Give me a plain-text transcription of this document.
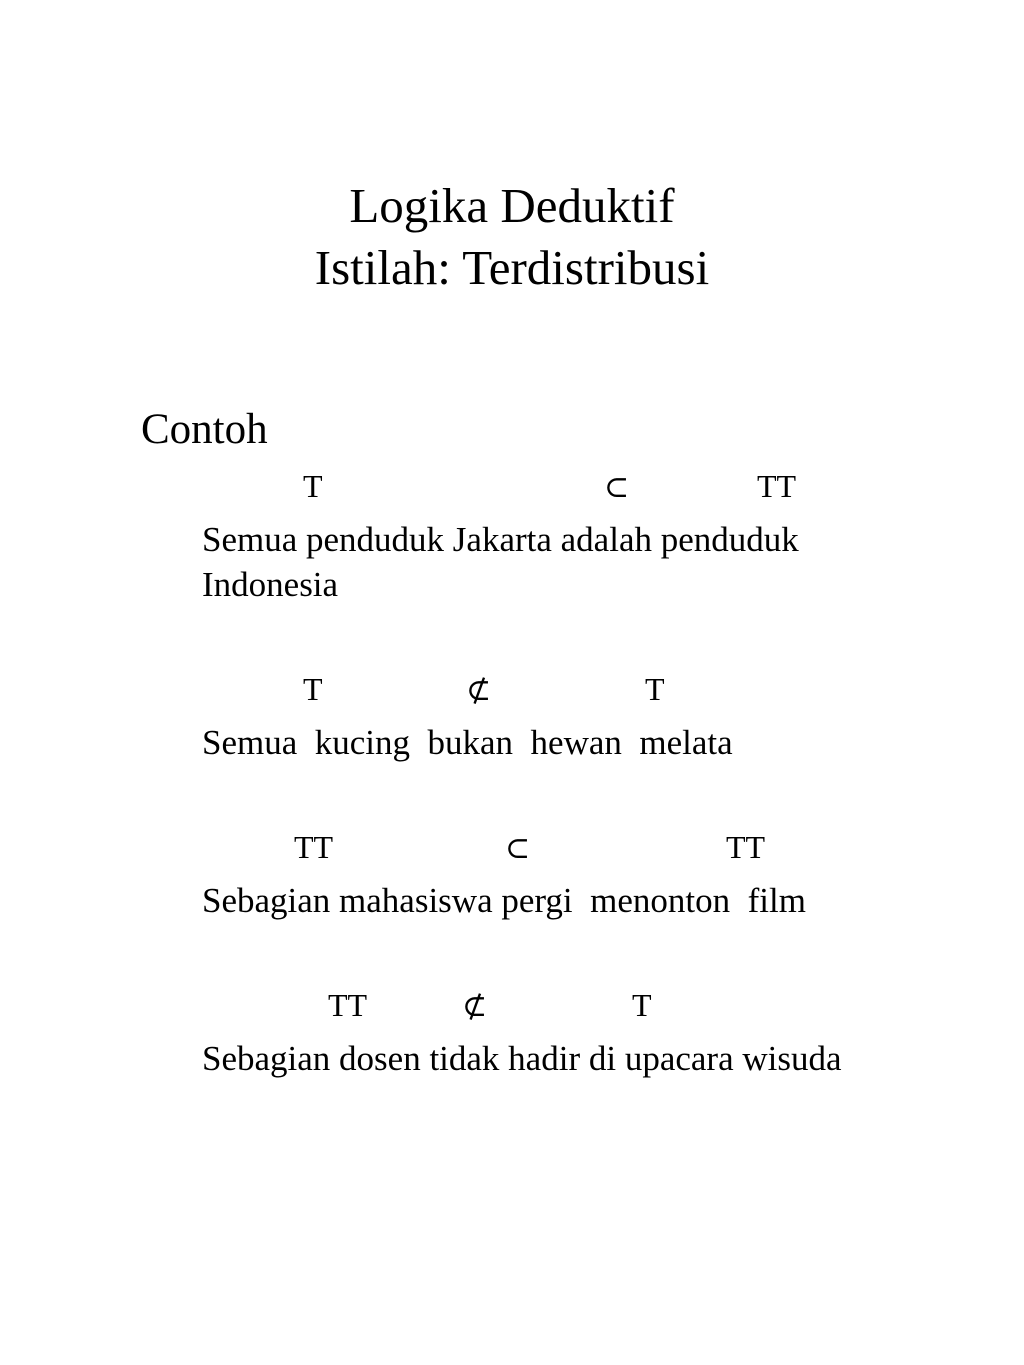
Logika Deduktif
Istilah: Terdistribusi
Contoh
T	⊂	TT
Semua penduduk Jakarta adalah penduduk
Indonesia
T	⊄	T
Semua  kucing  bukan  hewan  melata
TT	⊂	TT
Sebagian mahasiswa pergi  menonton  film
TT	⊄	T
Sebagian dosen tidak hadir di upacara wisuda
